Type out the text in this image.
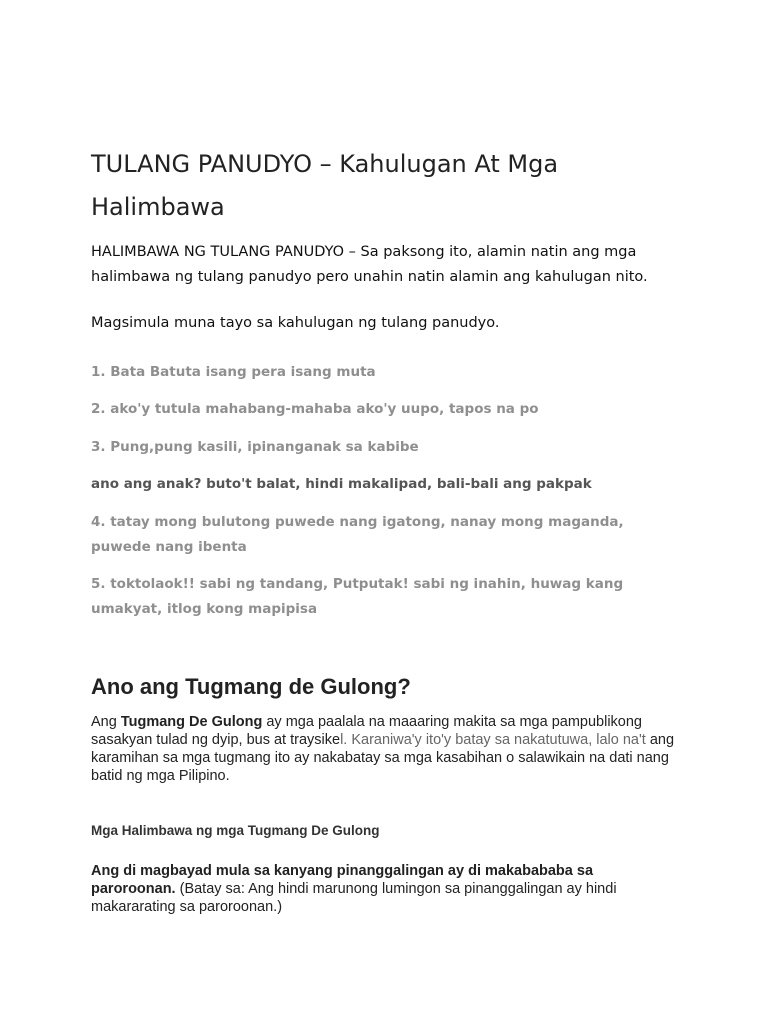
TULANG PANUDYO – Kahulugan At Mga Halimbawa

HALIMBAWA NG TULANG PANUDYO – Sa paksong ito, alamin natin ang mga halimbawa ng tulang panudyo pero unahin natin alamin ang kahulugan nito.

Magsimula muna tayo sa kahulugan ng tulang panudyo.

1. Bata Batuta isang pera isang muta

2. ako'y tutula mahabang-mahaba ako'y uupo, tapos na po

3. Pung,pung kasili, ipinanganak sa kabibe

ano ang anak? buto't balat, hindi makalipad, bali-bali ang pakpak

4. tatay mong bulutong puwede nang igatong, nanay mong maganda, puwede nang ibenta

5. toktolaok!! sabi ng tandang, Putputak! sabi ng inahin, huwag kang umakyat, itlog kong mapipisa

Ano ang Tugmang de Gulong?

Ang Tugmang De Gulong ay mga paalala na maaaring makita sa mga pampublikong sasakyan tulad ng dyip, bus at traysikel. Karaniwa'y ito'y batay sa nakatutuwa, lalo na't ang karamihan sa mga tugmang ito ay nakabatay sa mga kasabihan o salawikain na dati nang batid ng mga Pilipino.

Mga Halimbawa ng mga Tugmang De Gulong

Ang di magbayad mula sa kanyang pinanggalingan ay di makabababa sa paroroonan. (Batay sa: Ang hindi marunong lumingon sa pinanggalingan ay hindi makararating sa paroroonan.)
